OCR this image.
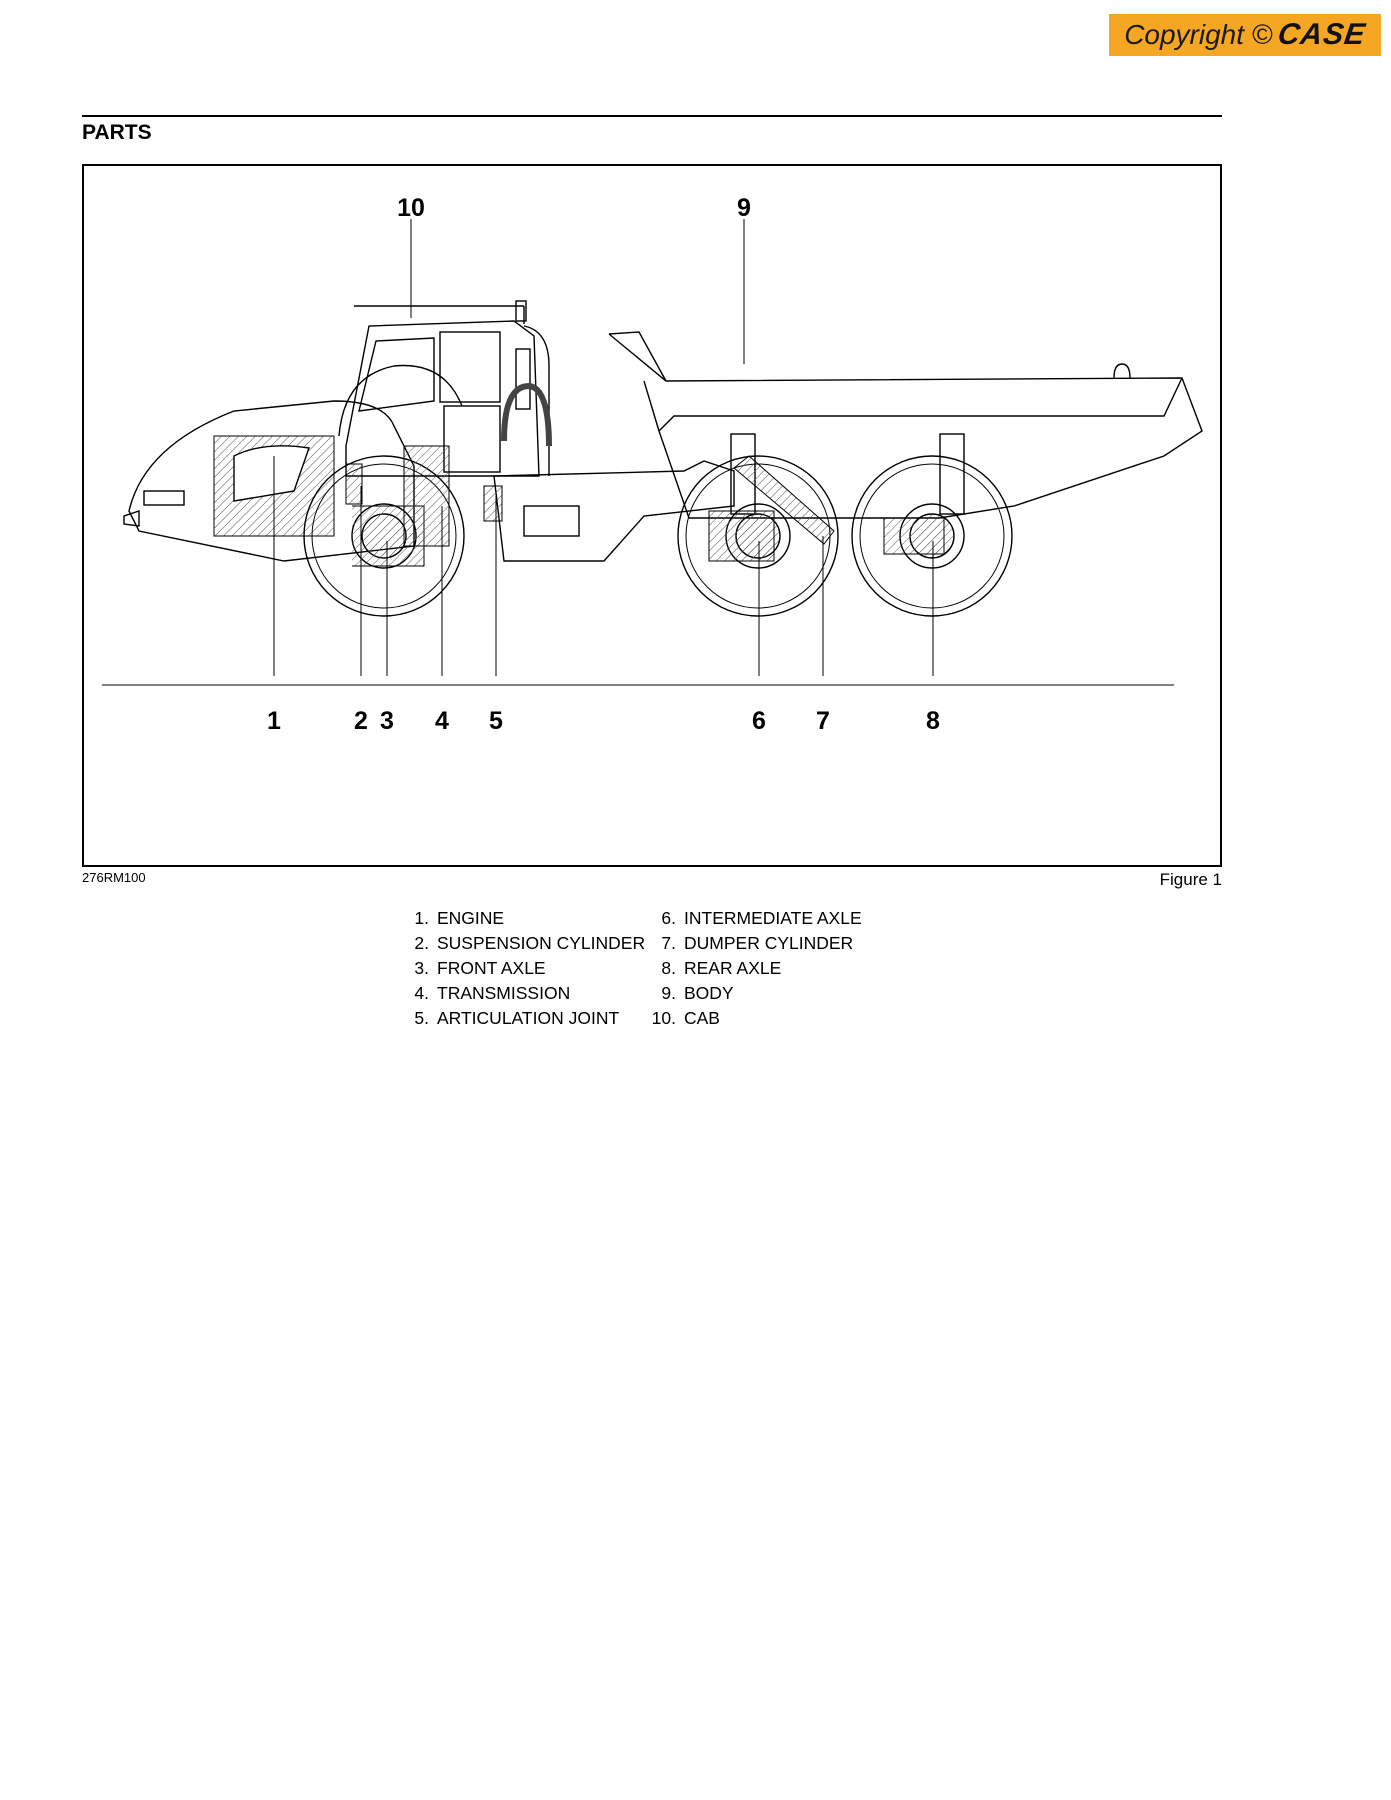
Copyright © CASE
PARTS
10	9
1	2 3 4 5	6 7	8
276RM100	Figure 1
1. ENGINE
2. SUSPENSION CYLINDER
3. FRONT AXLE
4. TRANSMISSION
5. ARTICULATION JOINT
6. INTERMEDIATE AXLE
7. DUMPER CYLINDER
8. REAR AXLE
9. BODY
10. CAB
